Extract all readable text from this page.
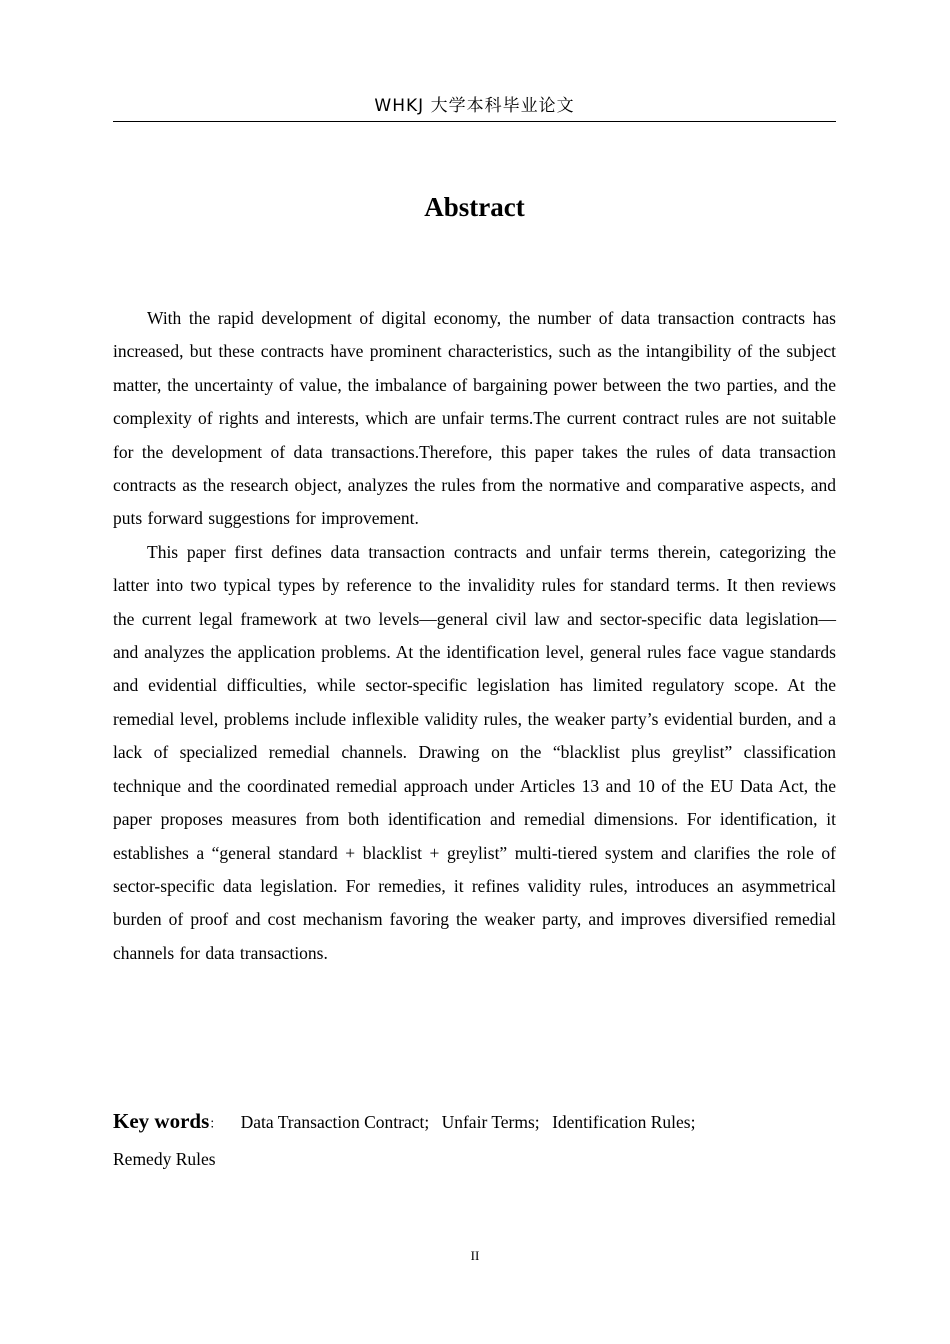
WHKJ 大学本科毕业论文
Abstract

With the rapid development of digital economy, the number of data transaction contracts has increased, but these contracts have prominent characteristics, such as the intangibility of the subject matter, the uncertainty of value, the imbalance of bargaining power between the two parties, and the complexity of rights and interests, which are unfair terms.The current contract rules are not suitable for the development of data transactions.Therefore, this paper takes the rules of data transaction contracts as the research object, analyzes the rules from the normative and comparative aspects, and puts forward suggestions for improvement.

This paper first defines data transaction contracts and unfair terms therein, categorizing the latter into two typical types by reference to the invalidity rules for standard terms. It then reviews the current legal framework at two levels—general civil law and sector-specific data legislation—and analyzes the application problems. At the identification level, general rules face vague standards and evidential difficulties, while sector-specific legislation has limited regulatory scope. At the remedial level, problems include inflexible validity rules, the weaker party’s evidential burden, and a lack of specialized remedial channels. Drawing on the “blacklist plus greylist” classification technique and the coordinated remedial approach under Articles 13 and 10 of the EU Data Act, the paper proposes measures from both identification and remedial dimensions. For identification, it establishes a “general standard + blacklist + greylist” multi-tiered system and clarifies the role of sector-specific data legislation. For remedies, it refines validity rules, introduces an asymmetrical burden of proof and cost mechanism favoring the weaker party, and improves diversified remedial channels for data transactions.

Key words： Data Transaction Contract; Unfair Terms; Identification Rules;
Remedy Rules
II
